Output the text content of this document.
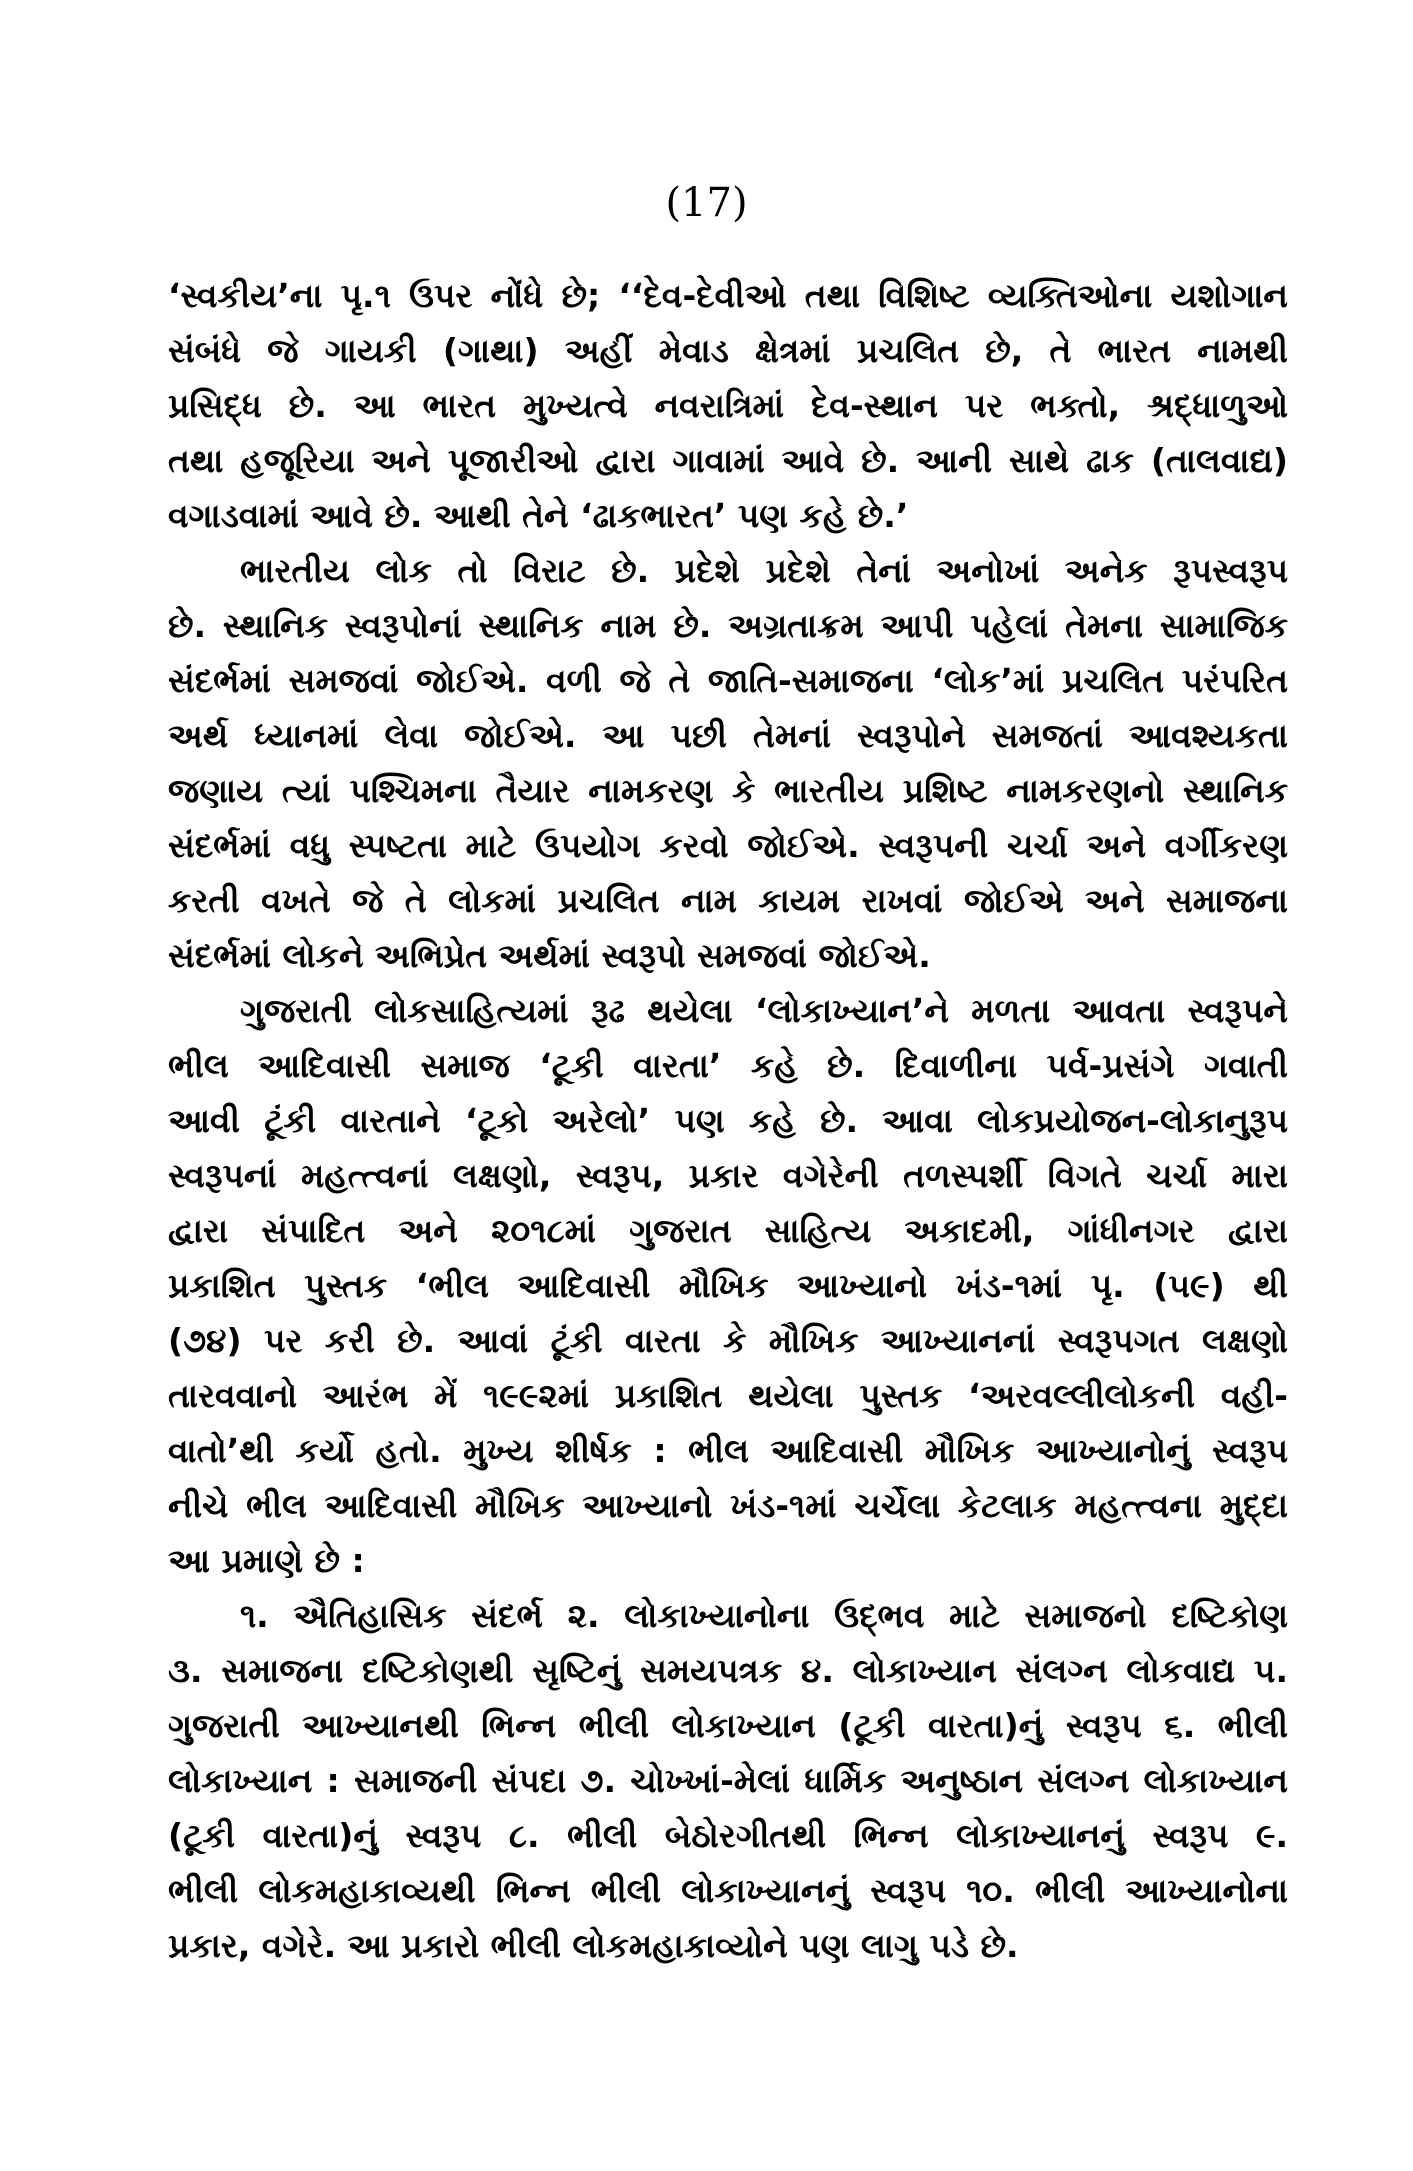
(17)
‘સ્વકીય’ના પૃ.૧ ઉપર નોંધે છે; ‘‘દેવ-દેવીઓ તથા વિશિષ્ટ વ્યક્તિઓના યશોગાન
સંબંધે જે ગાયકી (ગાથા) અહીં મેવાડ ક્ષેત્રમાં પ્રચલિત છે, તે ભારત નામથી
પ્રસિદ્ધ છે. આ ભારત મુખ્યત્વે નવરાત્રિમાં દેવ-સ્થાન પર ભક્તો, શ્રદ્ધાળુઓ
તથા હજૂરિયા અને પૂજારીઓ દ્વારા ગાવામાં આવે છે. આની સાથે ઢાક (તાલવાદ્ય)
વગાડવામાં આવે છે. આથી તેને ‘ઢાકભારત’ પણ કહે છે.’
ભારતીય લોક તો વિરાટ છે. પ્રદેશે પ્રદેશે તેનાં અનોખાં અનેક રૂપસ્વરૂપ
છે. સ્થાનિક સ્વરૂપોનાં સ્થાનિક નામ છે. અગ્રતાક્રમ આપી પહેલાં તેમના સામાજિક
સંદર્ભમાં સમજવાં જોઈએ. વળી જે તે જાતિ-સમાજના ‘લોક’માં પ્રચલિત પરંપરિત
અર્થ ધ્યાનમાં લેવા જોઈએ. આ પછી તેમનાં સ્વરૂપોને સમજતાં આવશ્યકતા
જણાય ત્યાં પશ્ચિમના તૈયાર નામકરણ કે ભારતીય પ્રશિષ્ટ નામકરણનો સ્થાનિક
સંદર્ભમાં વધુ સ્પષ્ટતા માટે ઉપયોગ કરવો જોઈએ. સ્વરૂપની ચર્ચા અને વર્ગીકરણ
કરતી વખતે જે તે લોકમાં પ્રચલિત નામ કાયમ રાખવાં જોઈએ અને સમાજના
સંદર્ભમાં લોકને અભિપ્રેત અર્થમાં સ્વરૂપો સમજવાં જોઈએ.
ગુજરાતી લોકસાહિત્યમાં રૂઢ થયેલા ‘લોકાખ્યાન’ને મળતા આવતા સ્વરૂપને
ભીલ આદિવાસી સમાજ ‘ટૂકી વારતા’ કહે છે. દિવાળીના પર્વ-પ્રસંગે ગવાતી
આવી ટૂંકી વારતાને ‘ટૂકો અરેલો’ પણ કહે છે. આવા લોકપ્રયોજન-લોકાનુરૂપ
સ્વરૂપનાં મહત્ત્વનાં લક્ષણો, સ્વરૂપ, પ્રકાર વગેરેની તળસ્પર્શી વિગતે ચર્ચા મારા
દ્વારા સંપાદિત અને ૨૦૧૮માં ગુજરાત સાહિત્ય અકાદમી, ગાંધીનગર દ્વારા
પ્રકાશિત પુસ્તક ‘ભીલ આદિવાસી મૌખિક આખ્યાનો ખંડ-૧માં પૃ. (૫૯) થી
(૭૪) પર કરી છે. આવાં ટૂંકી વારતા કે મૌખિક આખ્યાનનાં સ્વરૂપગત લક્ષણો
તારવવાનો આરંભ મેં ૧૯૯૨માં પ્રકાશિત થયેલા પુસ્તક ‘અરવલ્લીલોકની વહી-
વાતો’થી કર્યો હતો. મુખ્ય શીર્ષક : ભીલ આદિવાસી મૌખિક આખ્યાનોનું સ્વરૂપ
નીચે ભીલ આદિવાસી મૌખિક આખ્યાનો ખંડ-૧માં ચર્ચેલા કેટલાક મહત્ત્વના મુદ્દા
આ પ્રમાણે છે :
૧. ઐતિહાસિક સંદર્ભ ૨. લોકાખ્યાનોના ઉદ્ભવ માટે સમાજનો દષ્ટિકોણ
૩. સમાજના દષ્ટિકોણથી સૃષ્ટિનું સમયપત્રક ૪. લોકાખ્યાન સંલગ્ન લોકવાદ્ય ૫.
ગુજરાતી આખ્યાનથી ભિન્ન ભીલી લોકાખ્યાન (ટૂકી વારતા)નું સ્વરૂપ ૬. ભીલી
લોકાખ્યાન : સમાજની સંપદા ૭. ચોખ્ખાં-મેલાં ધાર્મિક અનુષ્ઠાન સંલગ્ન લોકાખ્યાન
(ટૂકી વારતા)નું સ્વરૂપ ૮. ભીલી બેઠોરગીતથી ભિન્ન લોકાખ્યાનનું સ્વરૂપ ૯.
ભીલી લોકમહાકાવ્યથી ભિન્ન ભીલી લોકાખ્યાનનું સ્વરૂપ ૧૦. ભીલી આખ્યાનોના
પ્રકાર, વગેરે. આ પ્રકારો ભીલી લોકમહાકાવ્યોને પણ લાગુ પડે છે.
